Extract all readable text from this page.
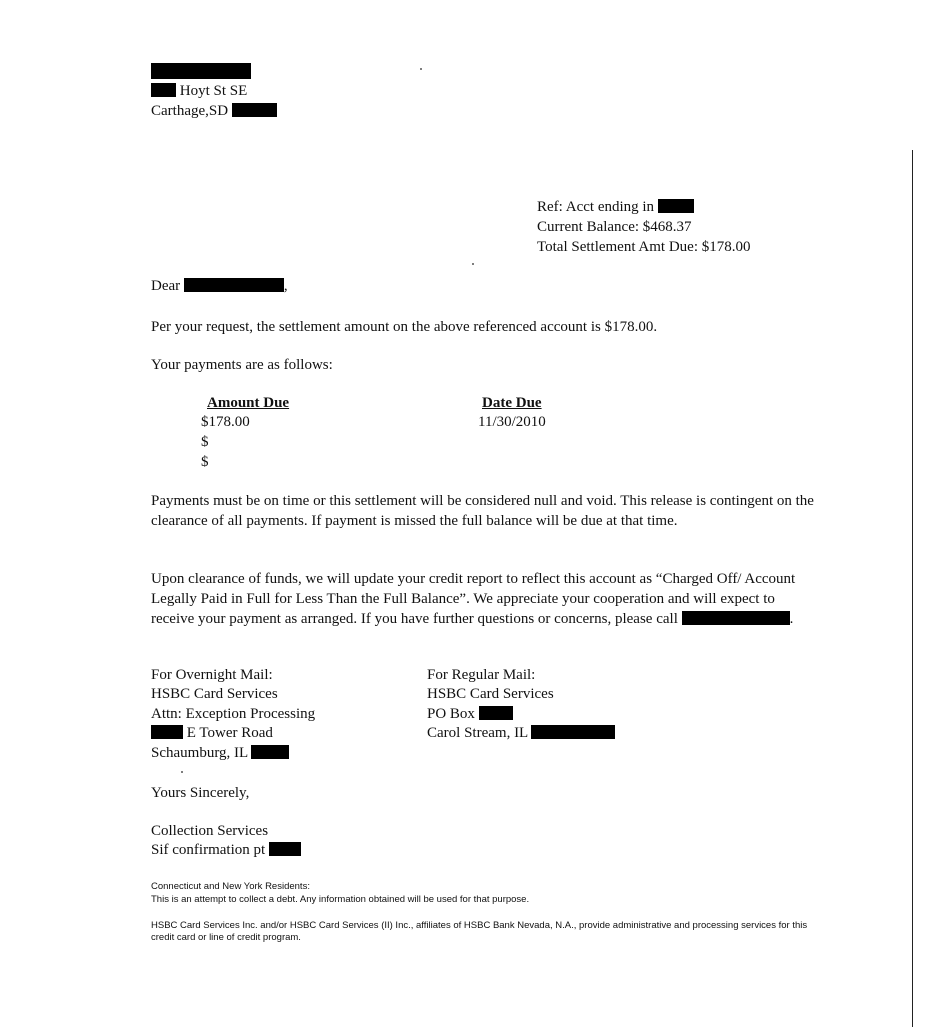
Hoyt St SE
Carthage,SD
Ref: Acct ending in
Current Balance: $468.37
Total Settlement Amt Due: $178.00
Dear	,
Per your request, the settlement amount on the above referenced account is $178.00.
Your payments are as follows:
Amount Due	Date Due
$178.00	11/30/2010
$
$
Payments must be on time or this settlement will be considered null and void. This release is contingent on the clearance of all payments. If payment is missed the full balance will be due at that time.
Upon clearance of funds, we will update your credit report to reflect this account as “Charged Off/ Account Legally Paid in Full for Less Than the Full Balance”. We appreciate your cooperation and will expect to receive your payment as arranged. If you have further questions or concerns, please call	.
For Overnight Mail:
HSBC Card Services
Attn: Exception Processing
E Tower Road
Schaumburg, IL
For Regular Mail:
HSBC Card Services
PO Box
Carol Stream, IL
Yours Sincerely,
Collection Services
Sif confirmation pt
Connecticut and New York Residents:
This is an attempt to collect a debt. Any information obtained will be used for that purpose.
HSBC Card Services Inc. and/or HSBC Card Services (II) Inc., affiliates of HSBC Bank Nevada, N.A., provide administrative and processing services for this credit card or line of credit program.
